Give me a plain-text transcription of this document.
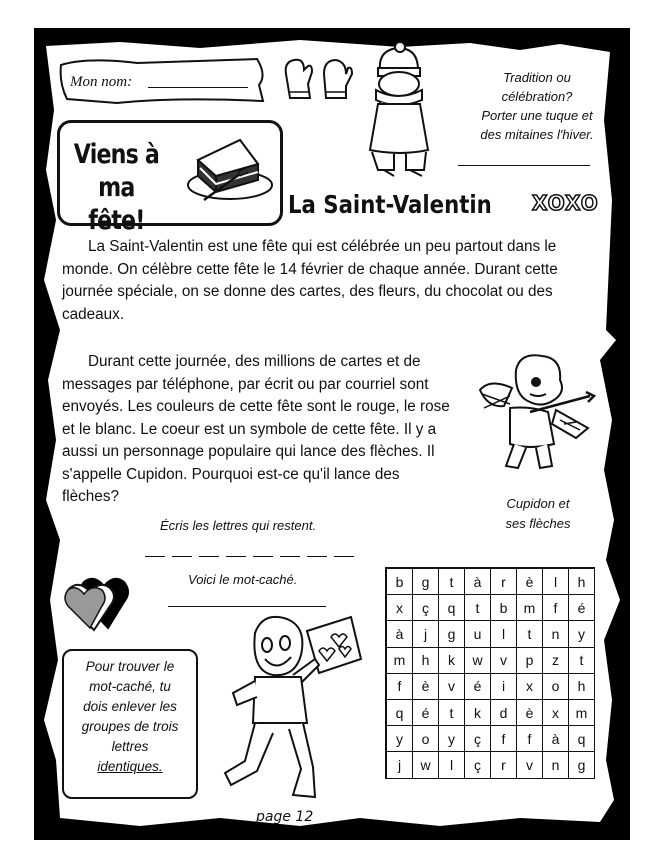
Mon nom:
Viens à
ma fête!
Tradition ou
célébration?
Porter une tuque et
des mitaines l'hiver.
La Saint-Valentin XOXO
La Saint-Valentin est une fête qui est célébrée un peu partout dans le monde. On célèbre cette fête le 14 février de chaque année. Durant cette journée spéciale, on se donne des cartes, des fleurs, du chocolat ou des cadeaux.
Durant cette journée, des millions de cartes et de messages par téléphone, par écrit ou par courriel sont envoyés. Les couleurs de cette fête sont le rouge, le rose et le blanc. Le coeur est un symbole de cette fête. Il y a aussi un personnage populaire qui lance des flèches. Il s'appelle Cupidon. Pourquoi est-ce qu'il lance des flèches?	Cupidon et
ses flèches
Écris les lettres qui restent.
Voici le mot-caché.
Pour trouver le
mot-caché, tu
dois enlever les
groupes de trois
lettres
identiques.
b	g	t	à	r	è	l	h
x	ç	q	t	b	m	f	é
à	j	g	u	l	t	n	y
m	h	k	w	v	p	z	t
f	è	v	é	i	x	o	h
q	é	t	k	d	è	x	m
y	o	y	ç	f	f	à	q
j	w	l	ç	r	v	n	g
page 12
